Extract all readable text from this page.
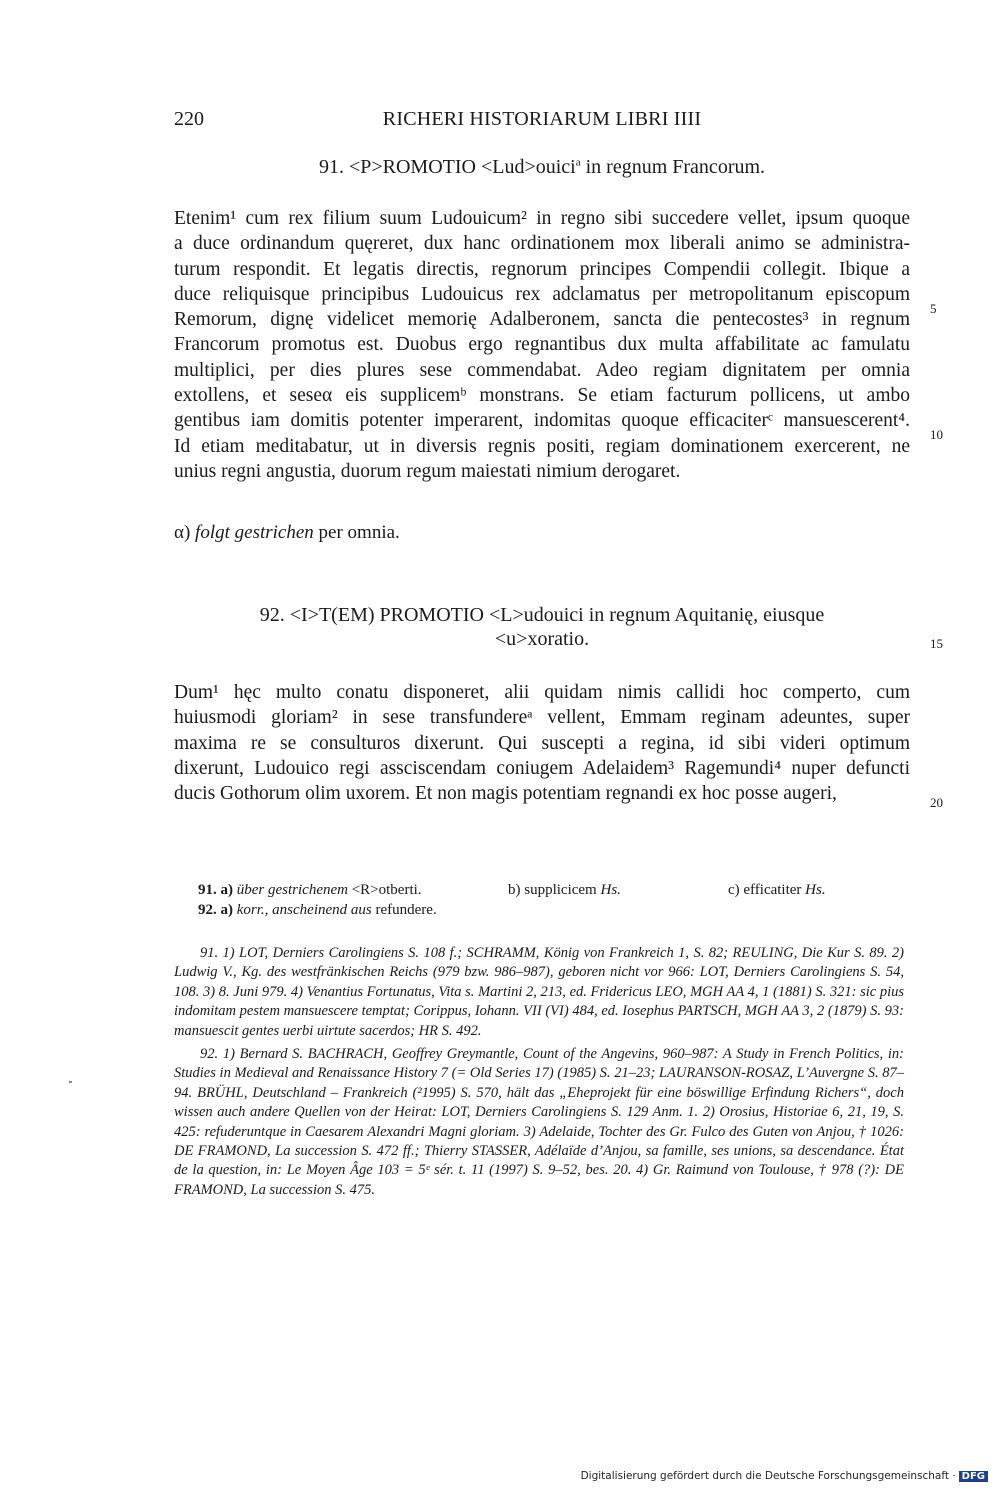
220	RICHERI HISTORIARUM LIBRI IIII
91. <P>ROMOTIO <Lud>ouici$^a$ in regnum Francorum.
Etenim¹ cum rex filium suum Ludouicum² in regno sibi succedere vellet, ipsum quoque
a duce ordinandum quęreret, dux hanc ordinationem mox liberali animo se administra-
turum respondit. Et legatis directis, regnorum principes Compendii collegit. Ibique a
duce reliquisque principibus Ludouicus rex adclamatus per metropolitanum episcopum
Remorum, dignę videlicet memorię Adalberonem, sancta die pentecostes³ in regnum
Francorum promotus est. Duobus ergo regnantibus dux multa affabilitate ac famulatu
multiplici, per dies plures sese commendabat. Adeo regiam dignitatem per omnia
extollens, et seseα eis supplicemᵇ monstrans. Se etiam facturum pollicens, ut ambo
gentibus iam domitis potenter imperarent, indomitas quoque efficaciterᶜ mansuescerent⁴.
Id etiam meditabatur, ut in diversis regnis positi, regiam dominationem exercerent, ne
unius regni angustia, duorum regum maiestati nimium derogaret.
α) folgt gestrichen per omnia.
92. <I>T(EM) PROMOTIO <L>udouici in regnum Aquitanię, eiusque
<u>xoratio.
Dum¹ hęc multo conatu disponeret, alii quidam nimis callidi hoc comperto, cum
huiusmodi gloriam² in sese transfundereᵃ vellent, Emmam reginam adeuntes, super
maxima re se consulturos dixerunt. Qui suscepti a regina, id sibi videri optimum
dixerunt, Ludouico regi assciscendam coniugem Adelaidem³ Ragemundi⁴ nuper defuncti
ducis Gothorum olim uxorem. Et non magis potentiam regnandi ex hoc posse augeri,
5
10
15
20
91. a) über gestrichenem <R>otberti.	b) supplicicem Hs.	c) efficatiter Hs.
92. a) korr., anscheinend aus refundere.

91. 1) LOT, Derniers Carolingiens S. 108 f.; SCHRAMM, König von Frankreich 1, S. 82; REULING, Die Kur S. 89. 2) Ludwig V., Kg. des westfränkischen Reichs (979 bzw. 986–987), geboren nicht vor 966: LOT, Derniers Carolingiens S. 54, 108. 3) 8. Juni 979. 4) Venantius Fortunatus, Vita s. Martini 2, 213, ed. Fridericus LEO, MGH AA 4, 1 (1881) S. 321: sic pius indomitam pestem mansuescere temptat; Corippus, Iohann. VII (VI) 484, ed. Iosephus PARTSCH, MGH AA 3, 2 (1879) S. 93: mansuescit gentes uerbi uirtute sacerdos; HR S. 492.

92. 1) Bernard S. BACHRACH, Geoffrey Greymantle, Count of the Angevins, 960–987: A Study in French Politics, in: Studies in Medieval and Renaissance History 7 (= Old Series 17) (1985) S. 21–23; LAURANSON-ROSAZ, L’Auvergne S. 87–94. BRÜHL, Deutschland – Frankreich (²1995) S. 570, hält das „Eheprojekt für eine böswillige Erfindung Richers“, doch wissen auch andere Quellen von der Heirat: LOT, Derniers Carolingiens S. 129 Anm. 1. 2) Orosius, Historiae 6, 21, 19, S. 425: refuderuntque in Caesarem Alexandri Magni gloriam. 3) Adelaide, Tochter des Gr. Fulco des Guten von Anjou, † 1026: DE FRAMOND, La succession S. 472 ff.; Thierry STASSER, Adélaïde d’Anjou, sa famille, ses unions, sa descendance. État de la question, in: Le Moyen Âge 103 = 5ᵉ sér. t. 11 (1997) S. 9–52, bes. 20. 4) Gr. Raimund von Toulouse, † 978 (?): DE FRAMOND, La succession S. 475.

Digitalisierung gefördert durch die Deutsche Forschungsgemeinschaft · DFG
